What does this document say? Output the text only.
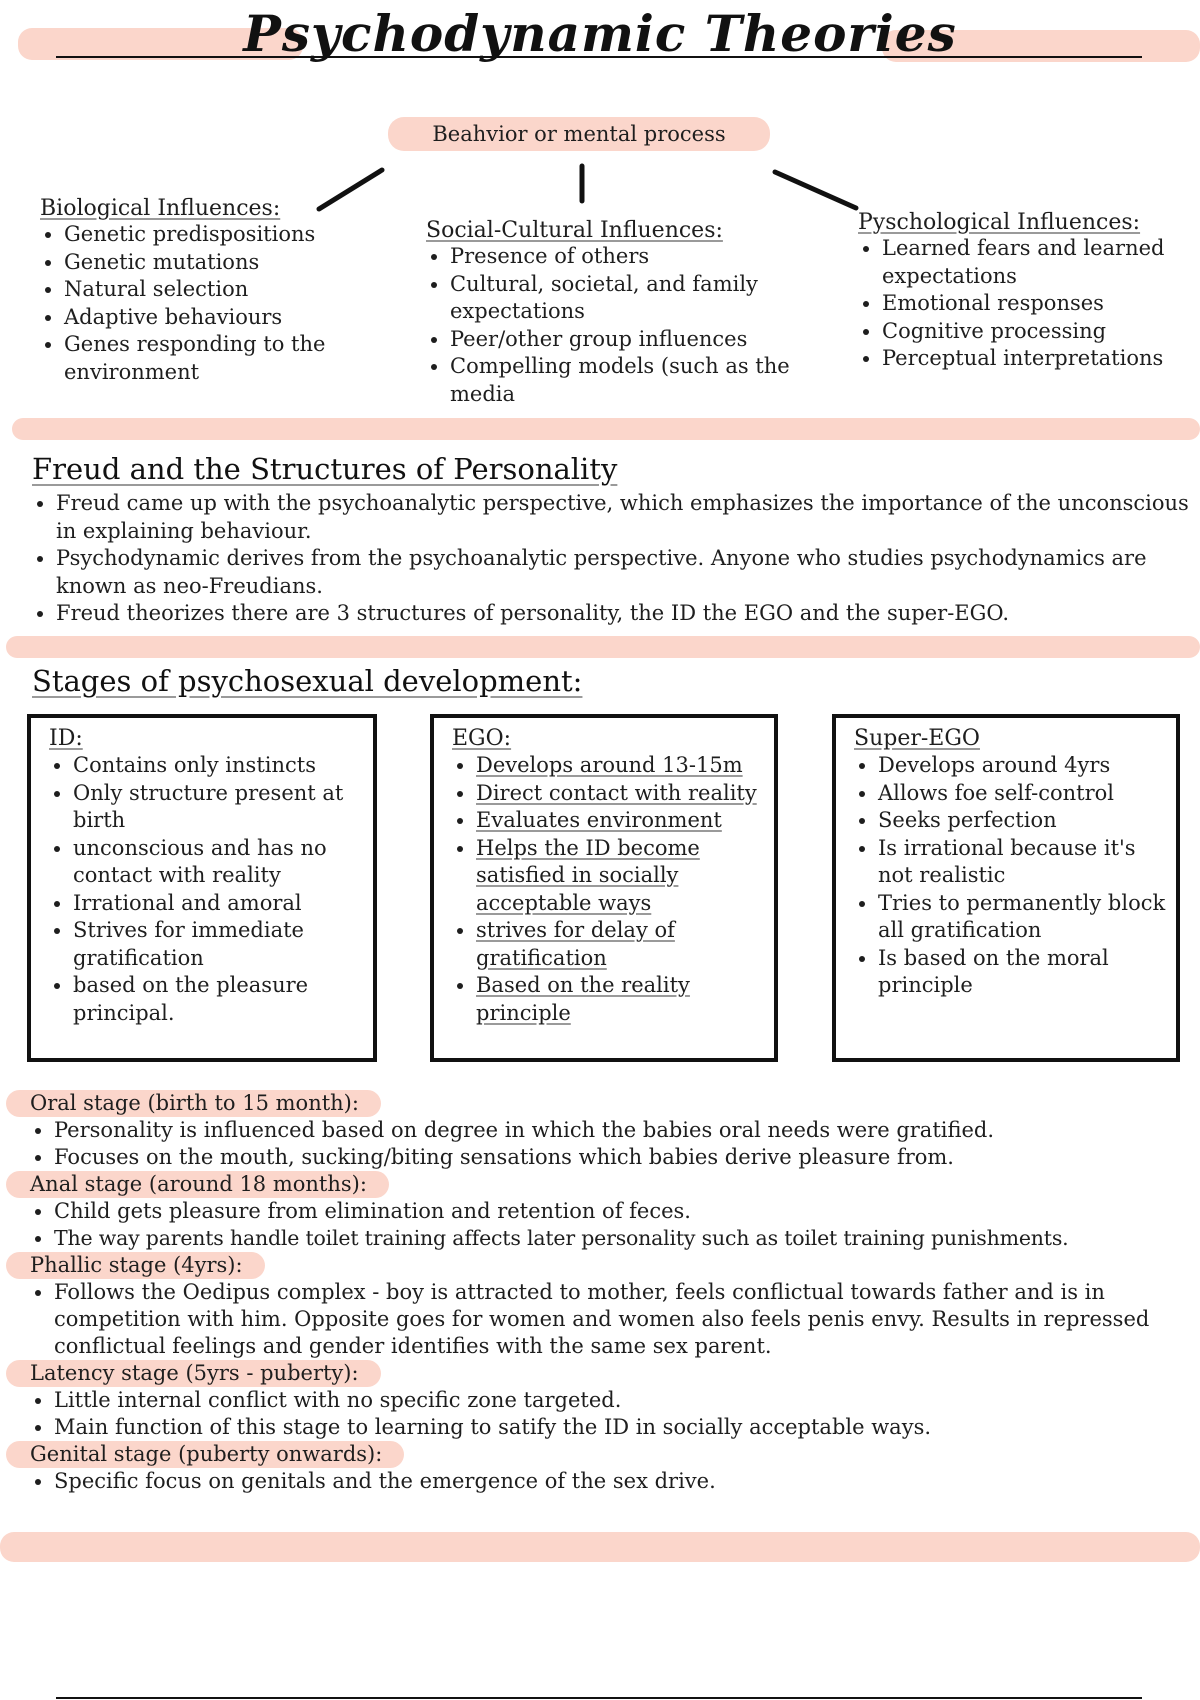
Psychodynamic Theories
Beahvior or mental process
Biological Influences:
• Genetic predispositions
• Genetic mutations
• Natural selection
• Adaptive behaviours
• Genes responding to the environment
Social-Cultural Influences:
• Presence of others
• Cultural, societal, and family expectations
• Peer/other group influences
• Compelling models (such as the media
Pyschological Influences:
• Learned fears and learned expectations
• Emotional responses
• Cognitive processing
• Perceptual interpretations
Freud and the Structures of Personality
• Freud came up with the psychoanalytic perspective, which emphasizes the importance of the unconscious in explaining behaviour.
• Psychodynamic derives from the psychoanalytic perspective. Anyone who studies psychodynamics are known as neo-Freudians.
• Freud theorizes there are 3 structures of personality, the ID the EGO and the super-EGO.
Stages of psychosexual development:
ID:
• Contains only instincts
• Only structure present at birth
• unconscious and has no contact with reality
• Irrational and amoral
• Strives for immediate gratification
• based on the pleasure principal.
EGO:
• Develops around 13-15m
• Direct contact with reality
• Evaluates environment
• Helps the ID become satisfied in socially acceptable ways
• strives for delay of gratification
• Based on the reality principle
Super-EGO
• Develops around 4yrs
• Allows foe self-control
• Seeks perfection
• Is irrational because it's not realistic
• Tries to permanently block all gratification
• Is based on the moral principle
Oral stage (birth to 15 month):
• Personality is influenced based on degree in which the babies oral needs were gratified.
• Focuses on the mouth, sucking/biting sensations which babies derive pleasure from.
Anal stage (around 18 months):
• Child gets pleasure from elimination and retention of feces.
• The way parents handle toilet training affects later personality such as toilet training punishments.
Phallic stage (4yrs):
• Follows the Oedipus complex - boy is attracted to mother, feels conflictual towards father and is in competition with him. Opposite goes for women and women also feels penis envy. Results in repressed conflictual feelings and gender identifies with the same sex parent.
Latency stage (5yrs - puberty):
• Little internal conflict with no specific zone targeted.
• Main function of this stage to learning to satify the ID in socially acceptable ways.
Genital stage (puberty onwards):
• Specific focus on genitals and the emergence of the sex drive.
